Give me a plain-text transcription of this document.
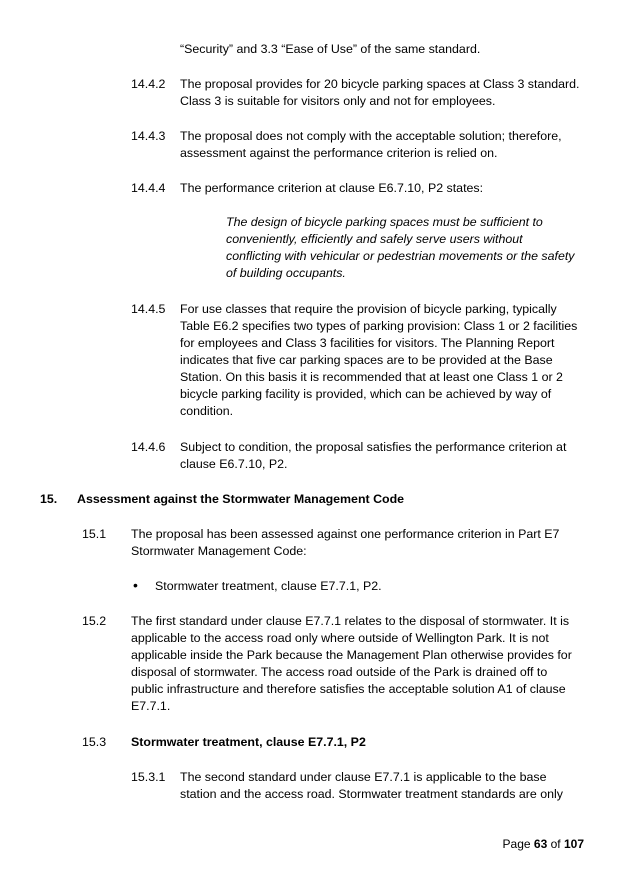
“Security” and 3.3 “Ease of Use” of the same standard.
14.4.2 The proposal provides for 20 bicycle parking spaces at Class 3 standard.
Class 3 is suitable for visitors only and not for employees.
14.4.3 The proposal does not comply with the acceptable solution; therefore,
assessment against the performance criterion is relied on.
14.4.4 The performance criterion at clause E6.7.10, P2 states:
The design of bicycle parking spaces must be sufficient to
conveniently, efficiently and safely serve users without
conflicting with vehicular or pedestrian movements or the safety
of building occupants.
14.4.5 For use classes that require the provision of bicycle parking, typically
Table E6.2 specifies two types of parking provision: Class 1 or 2 facilities
for employees and Class 3 facilities for visitors. The Planning Report
indicates that five car parking spaces are to be provided at the Base
Station. On this basis it is recommended that at least one Class 1 or 2
bicycle parking facility is provided, which can be achieved by way of
condition.
14.4.6 Subject to condition, the proposal satisfies the performance criterion at
clause E6.7.10, P2.
15. Assessment against the Stormwater Management Code
15.1 The proposal has been assessed against one performance criterion in Part E7
Stormwater Management Code:
• Stormwater treatment, clause E7.7.1, P2.
15.2 The first standard under clause E7.7.1 relates to the disposal of stormwater. It is
applicable to the access road only where outside of Wellington Park. It is not
applicable inside the Park because the Management Plan otherwise provides for
disposal of stormwater. The access road outside of the Park is drained off to
public infrastructure and therefore satisfies the acceptable solution A1 of clause
E7.7.1.
15.3 Stormwater treatment, clause E7.7.1, P2
15.3.1 The second standard under clause E7.7.1 is applicable to the base
station and the access road. Stormwater treatment standards are only
Page 63 of 107
